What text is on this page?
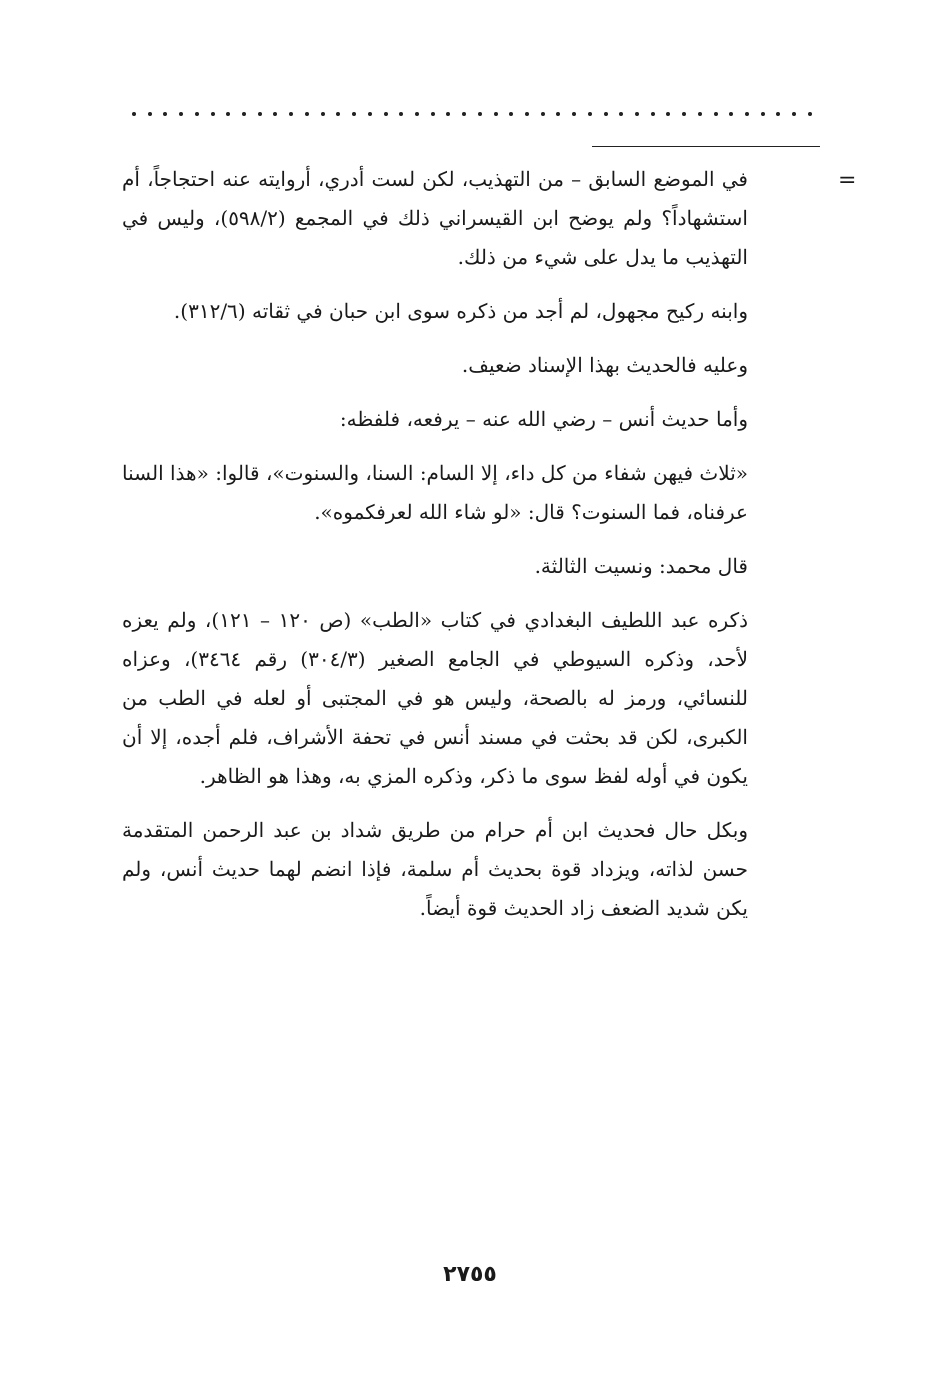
=

في الموضع السابق – من التهذيب، لكن لست أدري، أروايته عنه احتجاجاً، أم استشهاداً؟ ولم يوضح ابن القيسراني ذلك في المجمع (٥٩٨/٢)، وليس في التهذيب ما يدل على شيء من ذلك.

وابنه ركيح مجهول، لم أجد من ذكره سوى ابن حبان في ثقاته (٣١٢/٦).

وعليه فالحديث بهذا الإسناد ضعيف.

وأما حديث أنس – رضي الله عنه – يرفعه، فلفظه:

«ثلاث فيهن شفاء من كل داء، إلا السام: السنا، والسنوت»، قالوا: «هذا السنا عرفناه، فما السنوت؟ قال: «لو شاء الله لعرفكموه».

قال محمد: ونسيت الثالثة.

ذكره عبد اللطيف البغدادي في كتاب «الطب» (ص ١٢٠ – ١٢١)، ولم يعزه لأحد، وذكره السيوطي في الجامع الصغير (٣٠٤/٣) رقم ٣٤٦٤)، وعزاه للنسائي، ورمز له بالصحة، وليس هو في المجتبى أو لعله في الطب من الكبرى، لكن قد بحثت في مسند أنس في تحفة الأشراف، فلم أجده، إلا أن يكون في أوله لفظ سوى ما ذكر، وذكره المزي به، وهذا هو الظاهر.

وبكل حال فحديث ابن أم حرام من طريق شداد بن عبد الرحمن المتقدمة حسن لذاته، ويزداد قوة بحديث أم سلمة، فإذا انضم لهما حديث أنس، ولم يكن شديد الضعف زاد الحديث قوة أيضاً.

٢٧٥٥
